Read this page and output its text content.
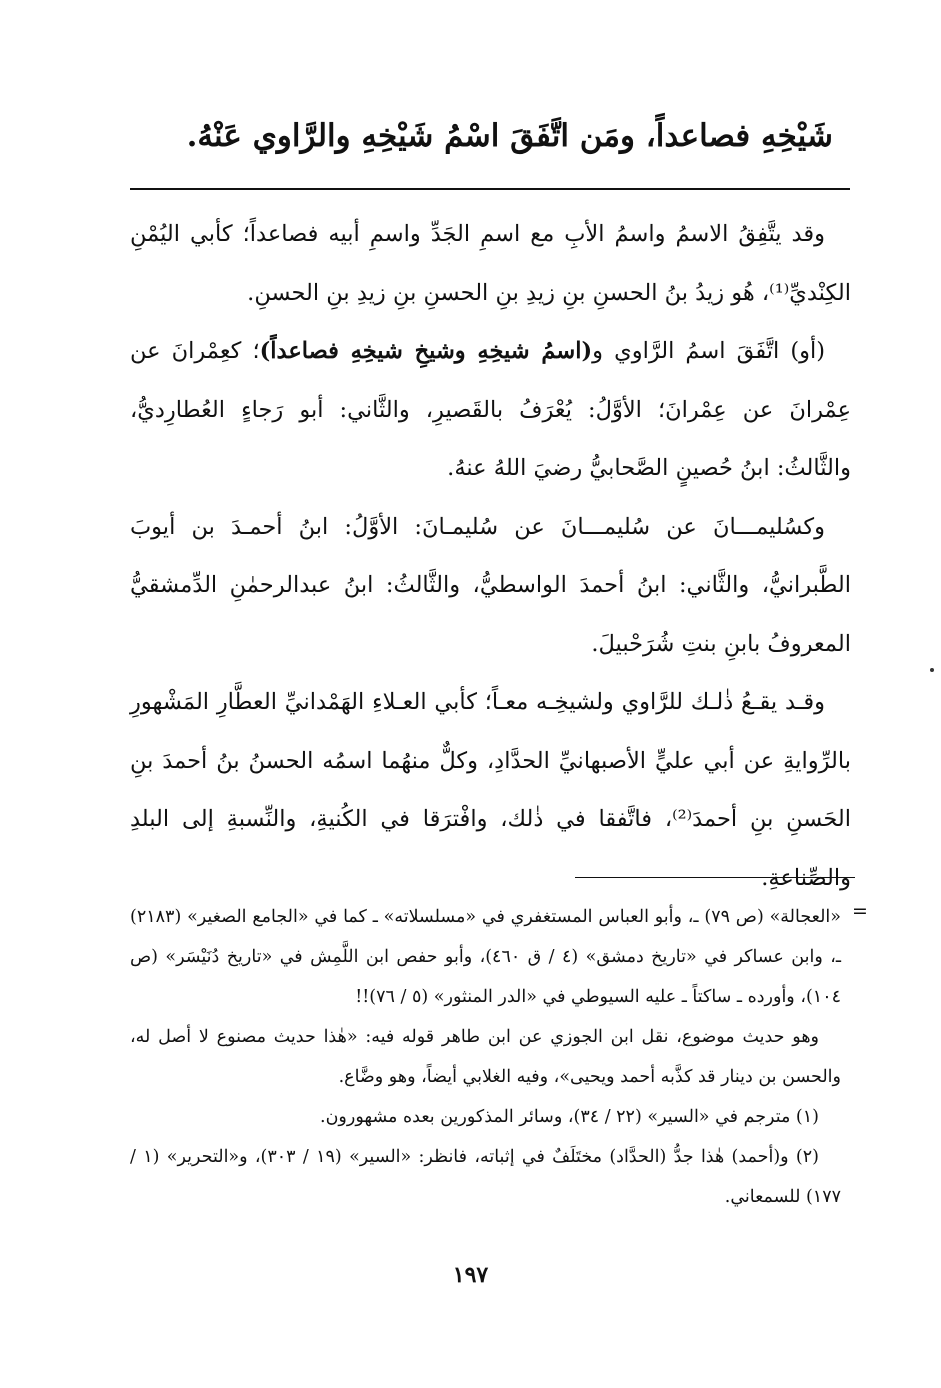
شَيْخِهِ فصاعداً، ومَن اتَّفَقَ اسْمُ شَيْخِهِ والرَّاوي عَنْهُ.

وقد يتَّفِقُ الاسمُ واسمُ الأبِ مع اسمِ الجَدِّ واسمِ أبيه فصاعداً؛ كأبي اليُمْنِ الكِنْديِّ⁽¹⁾، هُو زيدُ بنُ الحسنِ بنِ زيدِ بنِ الحسنِ بنِ زيدِ بنِ الحسنِ.

(أو) اتَّفَقَ اسمُ الرَّاوي و(اسمُ شيخِهِ وشيخِ شيخِهِ فصاعداً)؛ كعِمْرانَ عن عِمْرانَ عن عِمْرانَ؛ الأوَّلُ: يُعْرَفُ بالقَصيرِ، والثَّاني: أبو رَجاءٍ العُطارِديُّ، والثَّالثُ: ابنُ حُصينٍ الصَّحابيُّ رضيَ اللهُ عنهُ.

وكسُليمـــانَ عن سُليمـــانَ عن سُليمـانَ: الأوَّلُ: ابنُ أحمـدَ بن أيوبَ الطَّبرانيُّ، والثَّاني: ابنُ أحمدَ الواسطيُّ، والثَّالثُ: ابنُ عبدالرحمٰنِ الدِّمشقيُّ المعروفُ بابنِ بنتِ شُرَحْبيلَ.

وقـد يقـعُ ذٰلـك للرَّاوي ولشيخِـه معـاً؛ كأبي العـلاءِ الهَمْدانيِّ العطَّارِ المَشْهورِ بالرِّوايةِ عن أبي عليٍّ الأصبهانيِّ الحدَّادِ، وكلٌّ منهُما اسمُه الحسنُ بنُ أحمدَ بنِ الحَسنِ بنِ أحمدَ⁽²⁾، فاتَّفقا في ذٰلك، وافْترَقا في الكُنيةِ، والنِّسبةِ إلى البلدِ والصِّناعةِ.

=

«العجالة» (ص ٧٩) ـ، وأبو العباس المستغفري في «مسلسلاته» ـ كما في «الجامع الصغير» (٢١٨٣) ـ، وابن عساكر في «تاريخ دمشق» (٤ / ق ٤٦٠)، وأبو حفص ابن اللَّمِش في «تاريخ دُنَيْسَر» (ص ١٠٤)، وأورده ـ ساكتاً ـ عليه السيوطي في «الدر المنثور» (٥ / ٧٦)!!

وهو حديث موضوع، نقل ابن الجوزي عن ابن طاهر قوله فيه: «هٰذا حديث مصنوع لا أصل له، والحسن بن دينار قد كذَّبه أحمد ويحيى»، وفيه الغلابي أيضاً، وهو وضَّاع.

(١) مترجم في «السير» (٢٢ / ٣٤)، وسائر المذكورين بعده مشهورون.

(٢) و(أحمد) هٰذا جدُّ (الحدَّاد) مختَلَفٌ في إثباته، فانظر: «السير» (١٩ / ٣٠٣)، و«التحرير» (١ / ١٧٧) للسمعاني.

١٩٧
